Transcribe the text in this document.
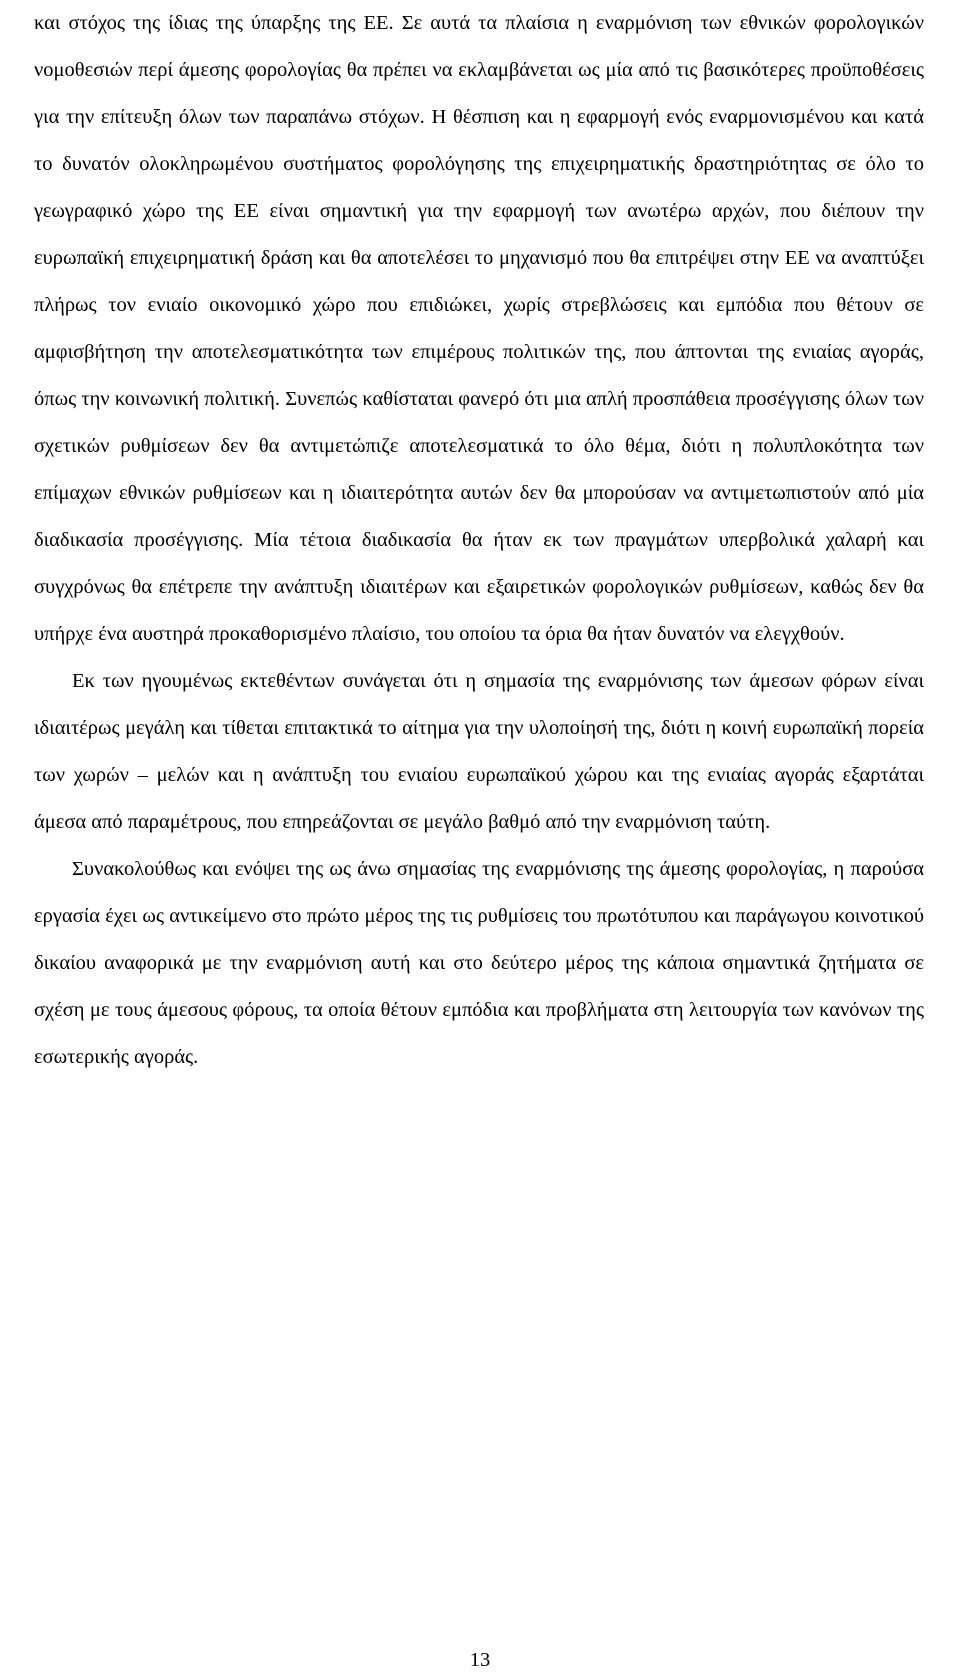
και στόχος της ίδιας της ύπαρξης της ΕΕ. Σε αυτά τα πλαίσια η εναρμόνιση των εθνικών φορολογικών νομοθεσιών περί άμεσης φορολογίας θα πρέπει να εκλαμβάνεται ως μία από τις βασικότερες προϋποθέσεις για την επίτευξη όλων των παραπάνω στόχων. Η θέσπιση και η εφαρμογή ενός εναρμονισμένου και κατά το δυνατόν ολοκληρωμένου συστήματος φορολόγησης της επιχειρηματικής δραστηριότητας σε όλο το γεωγραφικό χώρο της ΕΕ είναι σημαντική για την εφαρμογή των ανωτέρω αρχών, που διέπουν την ευρωπαϊκή επιχειρηματική δράση και θα αποτελέσει το μηχανισμό που θα επιτρέψει στην ΕΕ να αναπτύξει πλήρως τον ενιαίο οικονομικό χώρο που επιδιώκει, χωρίς στρεβλώσεις και εμπόδια που θέτουν σε αμφισβήτηση την αποτελεσματικότητα των επιμέρους πολιτικών της, που άπτονται της ενιαίας αγοράς, όπως την κοινωνική πολιτική. Συνεπώς καθίσταται φανερό ότι μια απλή προσπάθεια προσέγγισης όλων των σχετικών ρυθμίσεων δεν θα αντιμετώπιζε αποτελεσματικά το όλο θέμα, διότι η πολυπλοκότητα των επίμαχων εθνικών ρυθμίσεων και η ιδιαιτερότητα αυτών δεν θα μπορούσαν να αντιμετωπιστούν από μία διαδικασία προσέγγισης. Μία τέτοια διαδικασία θα ήταν εκ των πραγμάτων υπερβολικά χαλαρή και συγχρόνως θα επέτρεπε την ανάπτυξη ιδιαιτέρων και εξαιρετικών φορολογικών ρυθμίσεων, καθώς δεν θα υπήρχε ένα αυστηρά προκαθορισμένο πλαίσιο, του οποίου τα όρια θα ήταν δυνατόν να ελεγχθούν.

Εκ των ηγουμένως εκτεθέντων συνάγεται ότι η σημασία της εναρμόνισης των άμεσων φόρων είναι ιδιαιτέρως μεγάλη και τίθεται επιτακτικά το αίτημα για την υλοποίησή της, διότι η κοινή ευρωπαϊκή πορεία των χωρών – μελών και η ανάπτυξη του ενιαίου ευρωπαϊκού χώρου και της ενιαίας αγοράς εξαρτάται άμεσα από παραμέτρους, που επηρεάζονται σε μεγάλο βαθμό από την εναρμόνιση ταύτη.

Συνακολούθως και ενόψει της ως άνω σημασίας της εναρμόνισης της άμεσης φορολογίας, η παρούσα εργασία έχει ως αντικείμενο στο πρώτο μέρος της τις ρυθμίσεις του πρωτότυπου και παράγωγου κοινοτικού δικαίου αναφορικά με την εναρμόνιση αυτή και στο δεύτερο μέρος της κάποια σημαντικά ζητήματα σε σχέση με τους άμεσους φόρους, τα οποία θέτουν εμπόδια και προβλήματα στη λειτουργία των κανόνων της εσωτερικής αγοράς.

13
